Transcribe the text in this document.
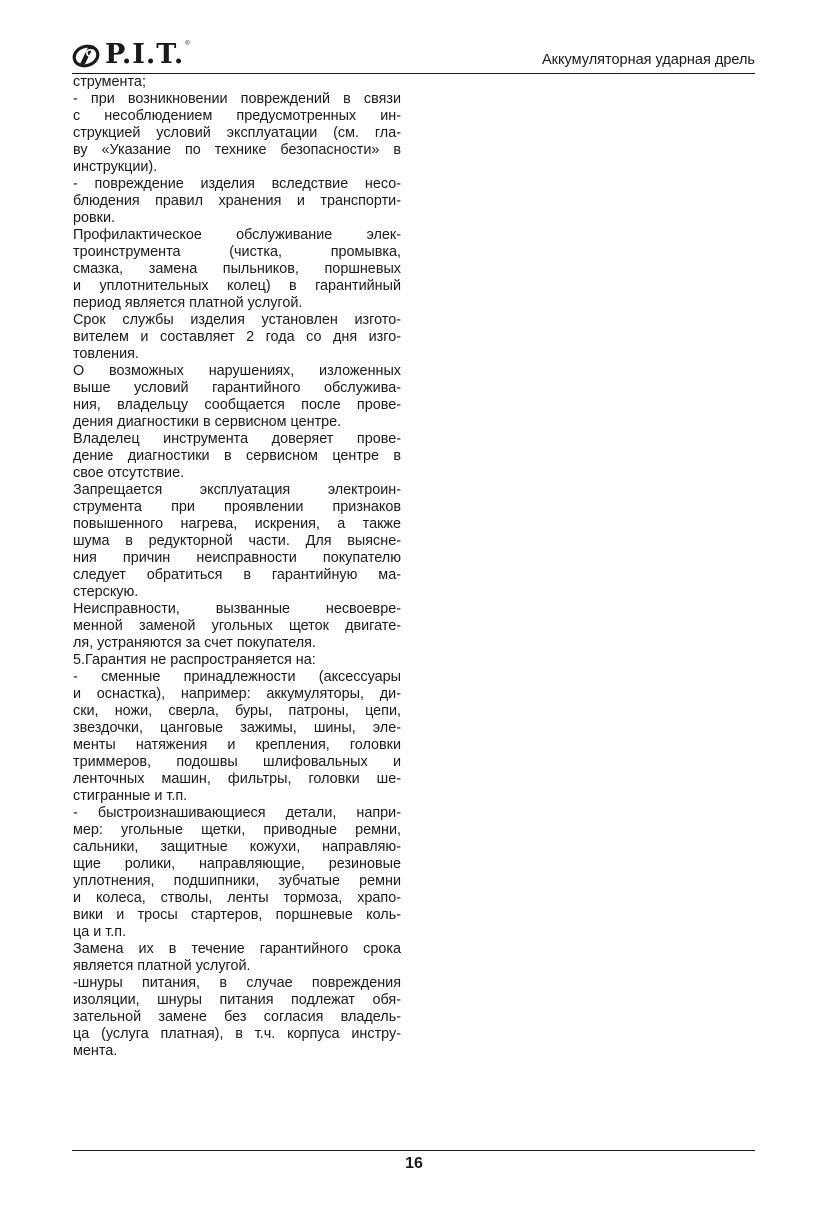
P.I.T. ®
Аккумуляторная ударная дрель
струмента;
- при возникновении повреждений в связи
с несоблюдением предусмотренных ин-
струкцией условий эксплуатации (см. гла-
ву «Указание по технике безопасности» в
инструкции).
- повреждение изделия вследствие несо-
блюдения правил хранения и транспорти-
ровки.
Профилактическое обслуживание элек-
троинструмента (чистка, промывка,
смазка, замена пыльников, поршневых
и уплотнительных колец) в гарантийный
период является платной услугой.
Срок службы изделия установлен изгото-
вителем и составляет 2 года со дня изго-
товления.
О возможных нарушениях, изложенных
выше условий гарантийного обслужива-
ния, владельцу сообщается после прове-
дения диагностики в сервисном центре.
Владелец инструмента доверяет прове-
дение диагностики в сервисном центре в
свое отсутствие.
Запрещается эксплуатация электроин-
струмента при проявлении признаков
повышенного нагрева, искрения, а также
шума в редукторной части. Для выясне-
ния причин неисправности покупателю
следует обратиться в гарантийную ма-
стерскую.
Неисправности, вызванные несвоевре-
менной заменой угольных щеток двигате-
ля, устраняются за счет покупателя.
5.Гарантия не распространяется на:
- сменные принадлежности (аксессуары
и оснастка), например: аккумуляторы, ди-
ски, ножи, сверла, буры, патроны, цепи,
звездочки, цанговые зажимы, шины, эле-
менты натяжения и крепления, головки
триммеров, подошвы шлифовальных и
ленточных машин, фильтры, головки ше-
стигранные и т.п.
- быстроизнашивающиеся детали, напри-
мер: угольные щетки, приводные ремни,
сальники, защитные кожухи, направляю-
щие ролики, направляющие, резиновые
уплотнения, подшипники, зубчатые ремни
и колеса, стволы, ленты тормоза, храпо-
вики и тросы стартеров, поршневые коль-
ца и т.п.
Замена их в течение гарантийного срока
является платной услугой.
-шнуры питания, в случае повреждения
изоляции, шнуры питания подлежат обя-
зательной замене без согласия владель-
ца (услуга платная), в т.ч. корпуса инстру-
мента.
16
